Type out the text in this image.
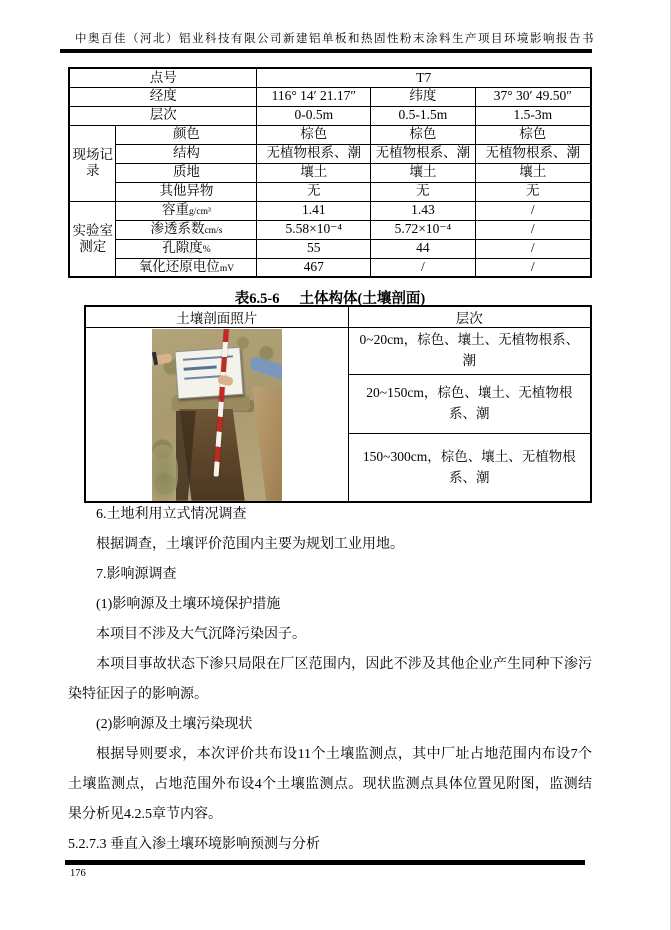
中奥百佳（河北）铝业科技有限公司新建铝单板和热固性粉末涂料生产项目环境影响报告书
点号		T7		
经度		116° 14′ 21.17″	纬度	37° 30′ 49.50″
层次		0-0.5m	0.5-1.5m	1.5-3m
现场记录	颜色	棕色	棕色	棕色
	结构	无植物根系、潮	无植物根系、潮	无植物根系、潮
	质地	壤土	壤土	壤土
	其他异物	无	无	无
实验室测定	容重g/cm³	1.41	1.43	/
	渗透系数cm/s	5.58×10⁻⁴	5.72×10⁻⁴	/
	孔隙度%	55	44	/
	氧化还原电位mV	467	/	/
表6.5-6 土体构体(土壤剖面)
土壤剖面照片	层次

	0~20cm，棕色、壤土、无植物根系、潮
	20~150cm，棕色、壤土、无植物根系、潮
	150~300cm，棕色、壤土、无植物根系、潮

6.土地利用立式情况调查

根据调查，土壤评价范围内主要为规划工业用地。

7.影响源调查

(1)影响源及土壤环境保护措施

本项目不涉及大气沉降污染因子。

本项目事故状态下渗只局限在厂区范围内，因此不涉及其他企业产生同种下渗污染特征因子的影响源。

(2)影响源及土壤污染现状

根据导则要求，本次评价共布设11个土壤监测点，其中厂址占地范围内布设7个土壤监测点，占地范围外布设4个土壤监测点。现状监测点具体位置见附图，监测结果分析见4.2.5章节内容。

5.2.7.3 垂直入渗土壤环境影响预测与分析

176
